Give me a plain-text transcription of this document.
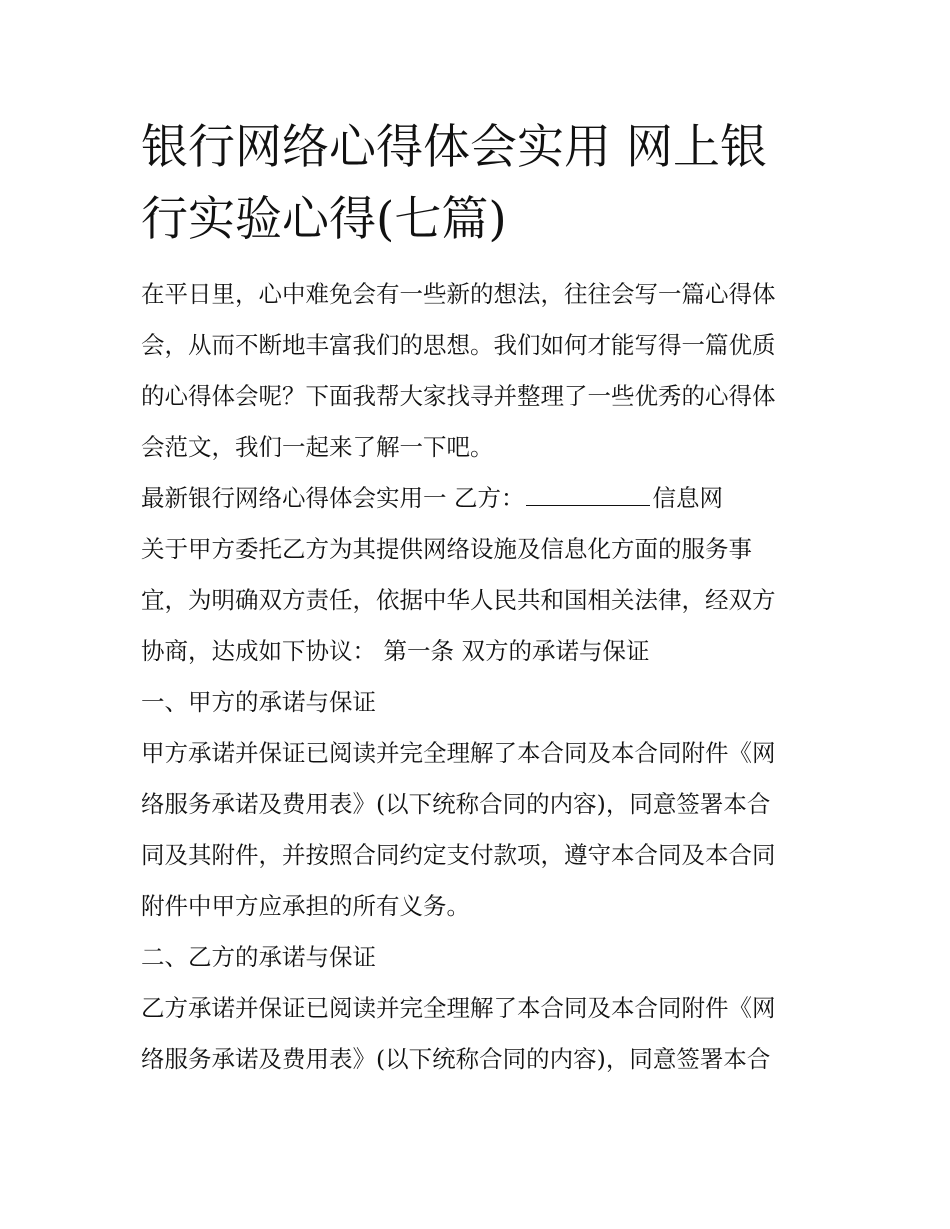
银行网络心得体会实用 网上银
行实验心得(七篇)
在平日里，心中难免会有一些新的想法，往往会写一篇心得体
会，从而不断地丰富我们的思想。我们如何才能写得一篇优质
的心得体会呢？下面我帮大家找寻并整理了一些优秀的心得体
会范文，我们一起来了解一下吧。
最新银行网络心得体会实用一 乙方：	信息网
关于甲方委托乙方为其提供网络设施及信息化方面的服务事
宜，为明确双方责任，依据中华人民共和国相关法律，经双方
协商，达成如下协议： 第一条 双方的承诺与保证
一、甲方的承诺与保证
甲方承诺并保证已阅读并完全理解了本合同及本合同附件《网
络服务承诺及费用表》(以下统称合同的内容)，同意签署本合
同及其附件，并按照合同约定支付款项，遵守本合同及本合同
附件中甲方应承担的所有义务。
二、乙方的承诺与保证
乙方承诺并保证已阅读并完全理解了本合同及本合同附件《网
络服务承诺及费用表》(以下统称合同的内容)，同意签署本合
